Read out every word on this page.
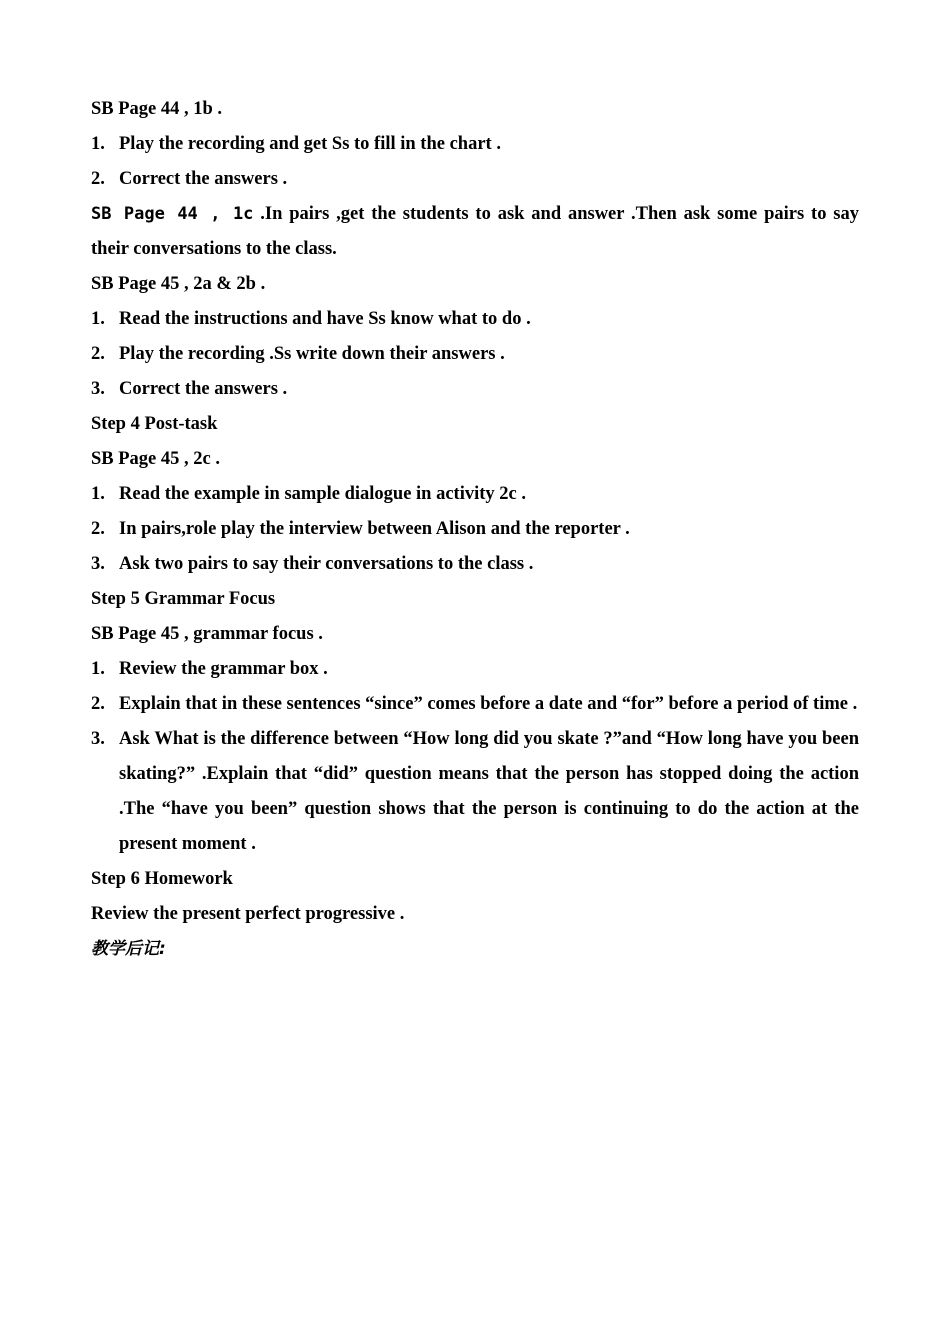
SB Page 44 , 1b .
1. Play the recording and get Ss to fill in the chart .
2. Correct the answers .
SB Page 44 , 1c .In pairs ,get the students to ask and answer .Then ask some pairs to say their conversations to the class.
SB Page 45 , 2a & 2b .
1. Read the instructions and have Ss know what to do .
2. Play the recording .Ss write down their answers .
3. Correct the answers .
Step 4 Post-task
SB Page 45 , 2c .
1. Read the example in sample dialogue in activity 2c .
2. In pairs,role play the interview between Alison and the reporter .
3. Ask two pairs to say their conversations to the class .
Step 5 Grammar Focus
SB Page 45 , grammar focus .
1. Review the grammar box .
2. Explain that in these sentences “since” comes before a date and “for” before a period of time .
3. Ask What is the difference between “How long did you skate ?”and “How long have you been skating?” .Explain that “did” question means that the person has stopped doing the action .The “have you been” question shows that the person is continuing to do the action at the present moment .
Step 6 Homework
Review the present perfect progressive .
教学后记:
